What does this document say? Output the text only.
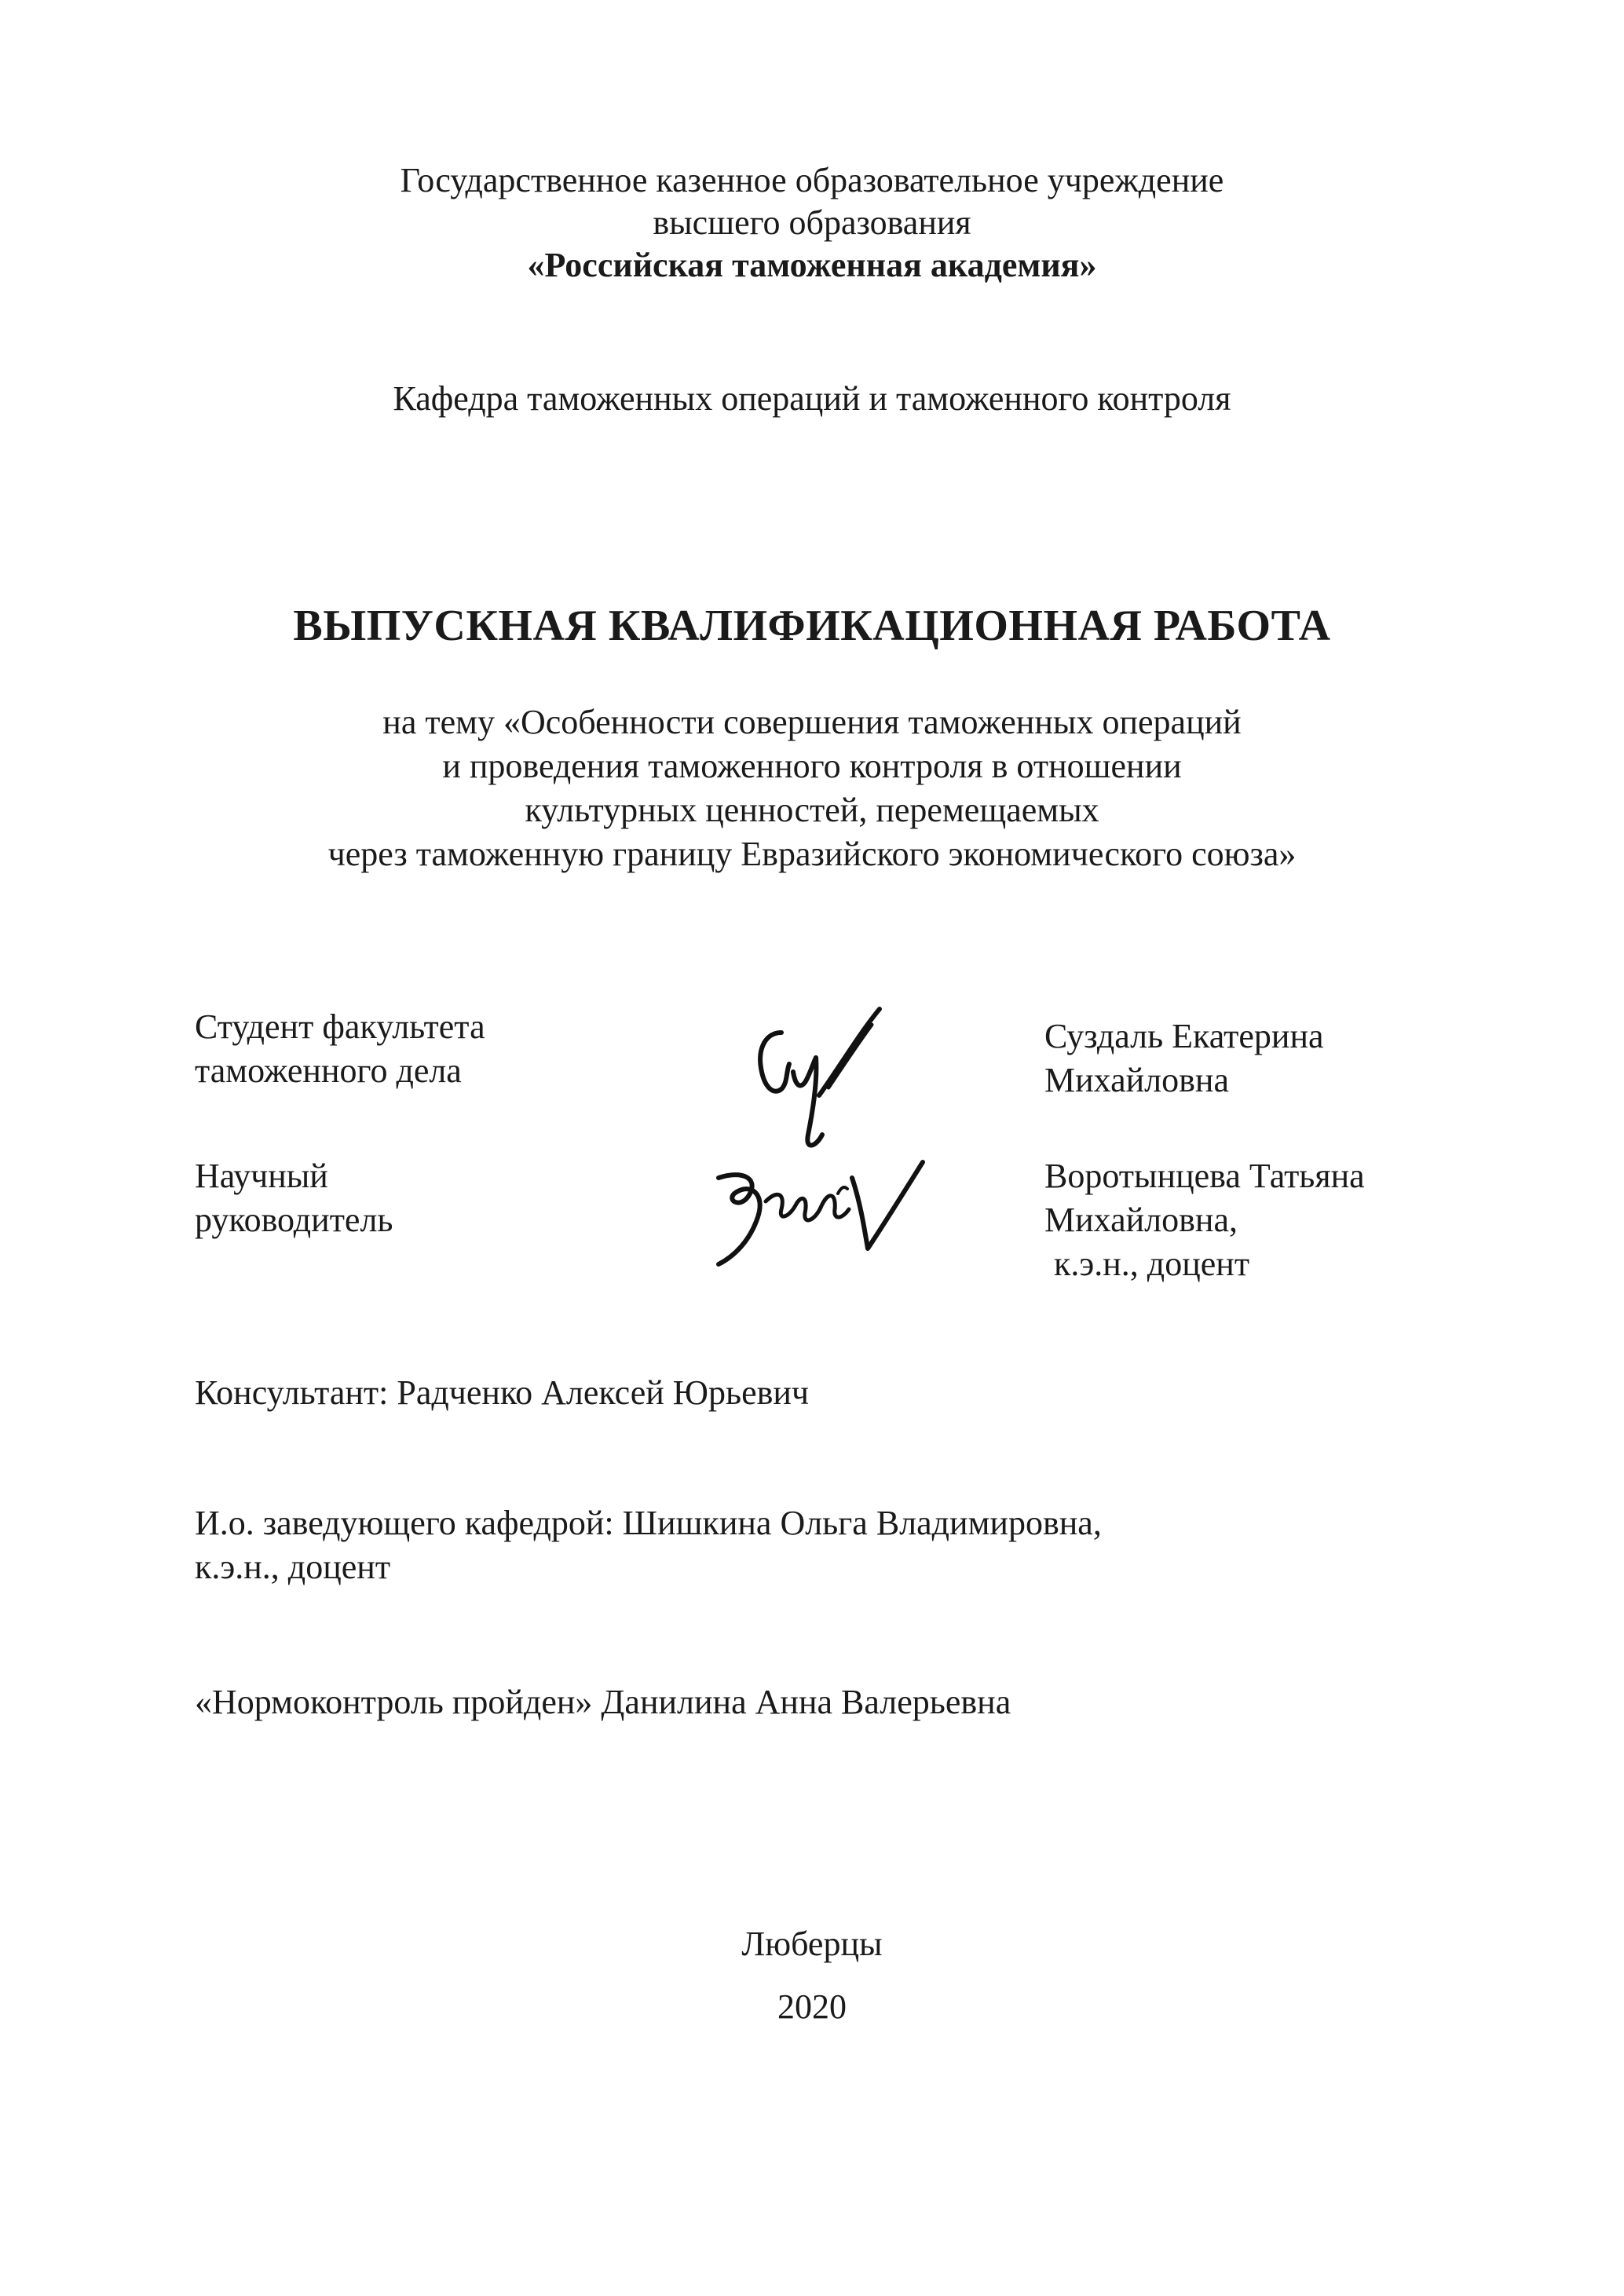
Государственное казенное образовательное учреждение
высшего образования
«Российская таможенная академия»
Кафедра таможенных операций и таможенного контроля
ВЫПУСКНАЯ КВАЛИФИКАЦИОННАЯ РАБОТА
на тему «Особенности совершения таможенных операций
и проведения таможенного контроля в отношении
культурных ценностей, перемещаемых
через таможенную границу Евразийского экономического союза»
Студент факультета
таможенного дела
Суздаль Екатерина
Михайловна
Научный
руководитель
Воротынцева Татьяна
Михайловна,
к.э.н., доцент
Консультант: Радченко Алексей Юрьевич
И.о. заведующего кафедрой: Шишкина Ольга Владимировна,
к.э.н., доцент
«Нормоконтроль пройден» Данилина Анна Валерьевна
Люберцы
2020
